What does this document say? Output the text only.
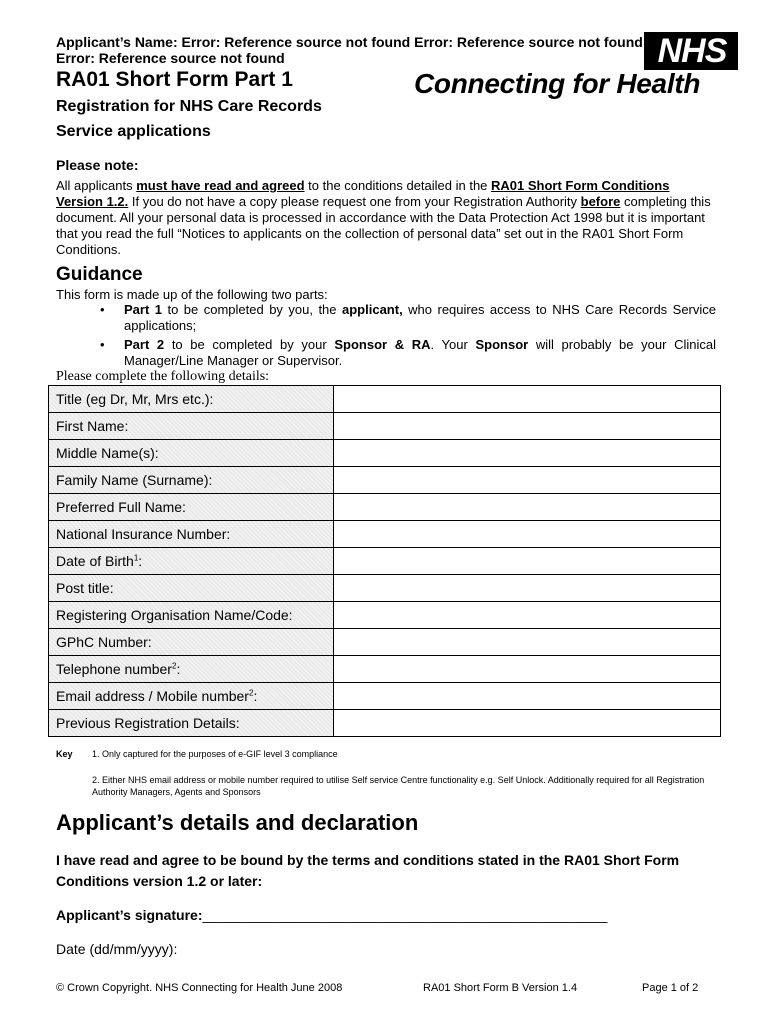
Applicant’s Name: Error: Reference source not found Error: Reference source not found
Error: Reference source not found	NHS
Connecting for Health
RA01 Short Form Part 1
Registration for NHS Care Records
Service applications
Please note:
All applicants must have read and agreed to the conditions detailed in the RA01 Short Form Conditions Version 1.2. If you do not have a copy please request one from your Registration Authority before completing this document. All your personal data is processed in accordance with the Data Protection Act 1998 but it is important that you read the full “Notices to applicants on the collection of personal data” set out in the RA01 Short Form Conditions.
Guidance
This form is made up of the following two parts:
• Part 1 to be completed by you, the applicant, who requires access to NHS Care Records Service applications;
• Part 2 to be completed by your Sponsor & RA. Your Sponsor will probably be your Clinical Manager/Line Manager or Supervisor.
Please complete the following details:
Title (eg Dr, Mr, Mrs etc.):	
First Name:	
Middle Name(s):	
Family Name (Surname):	
Preferred Full Name:	
National Insurance Number:	
Date of Birth$^1$:	
Post title:	
Registering Organisation Name/Code:	
GPhC Number:	
Telephone number$^2$:	
Email address / Mobile number$^2$:	
Previous Registration Details:	
Key 1. Only captured for the purposes of e-GIF level 3 compliance
2. Either NHS email address or mobile number required to utilise Self service Centre functionality e.g. Self Unlock. Additionally required for all Registration Authority Managers, Agents and Sponsors
Applicant’s details and declaration
I have read and agree to be bound by the terms and conditions stated in the RA01 Short Form Conditions version 1.2 or later:
Applicant’s signature:____________________________________________________
Date (dd/mm/yyyy):
© Crown Copyright. NHS Connecting for Health June 2008	RA01 Short Form B Version 1.4	Page 1 of 2
